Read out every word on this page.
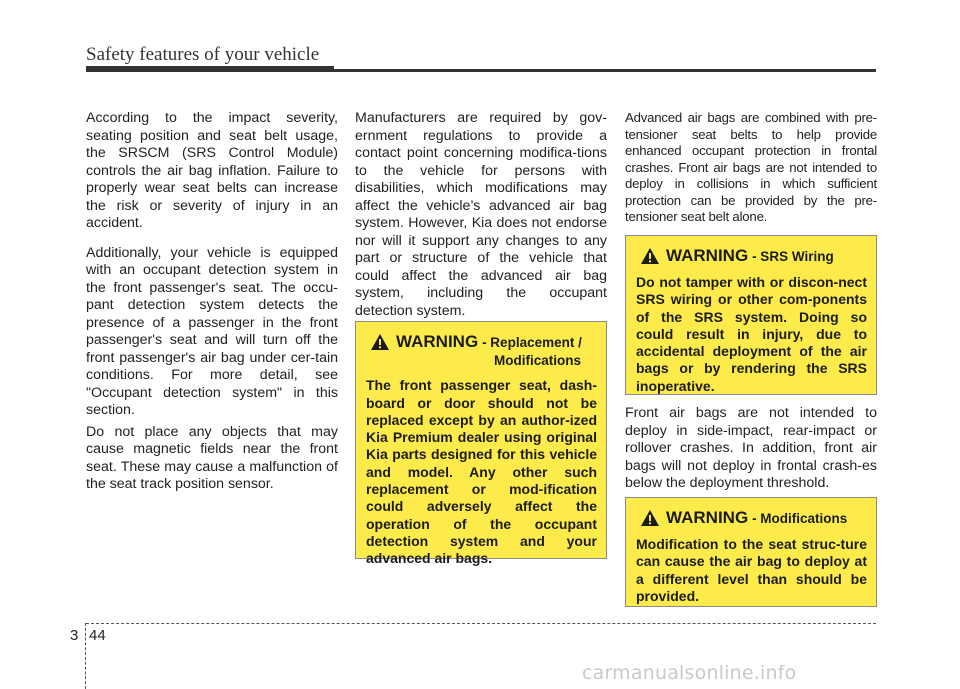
Safety features of your vehicle

According to the impact severity, seating position and seat belt usage, the SRSCM (SRS Control Module) controls the air bag inflation. Failure to properly wear seat belts can increase the risk or severity of injury in an accident.

Additionally, your vehicle is equipped with an occupant detection system in the front passenger's seat. The occu-pant detection system detects the presence of a passenger in the front passenger's seat and will turn off the front passenger's air bag under cer-tain conditions. For more detail, see "Occupant detection system" in this section.

Do not place any objects that may cause magnetic fields near the front seat. These may cause a malfunction of the seat track position sensor.

Manufacturers are required by gov-ernment regulations to provide a contact point concerning modifica-tions to the vehicle for persons with disabilities, which modifications may affect the vehicle’s advanced air bag system. However, Kia does not endorse nor will it support any changes to any part or structure of the vehicle that could affect the advanced air bag system, including the occupant detection system.

Advanced air bags are combined with pre-tensioner seat belts to help provide enhanced occupant protection in frontal crashes. Front air bags are not intended to deploy in collisions in which sufficient protection can be provided by the pre-tensioner seat belt alone.

Front air bags are not intended to deploy in side-impact, rear-impact or rollover crashes. In addition, front air bags will not deploy in frontal crash-es below the deployment threshold.

WARNING - Replacement /
Modifications
The front passenger seat, dash-board or door should not be replaced except by an author-ized Kia Premium dealer using original Kia parts designed for this vehicle and model. Any other such replacement or mod-ification could adversely affect the operation of the occupant detection system and your advanced air bags.
WARNING - SRS Wiring
Do not tamper with or discon-nect SRS wiring or other com-ponents of the SRS system. Doing so could result in injury, due to accidental deployment of the air bags or by rendering the SRS inoperative.
WARNING - Modifications
Modification to the seat struc-ture can cause the air bag to deploy at a different level than should be provided.
3 44
carmanualsonline.info
